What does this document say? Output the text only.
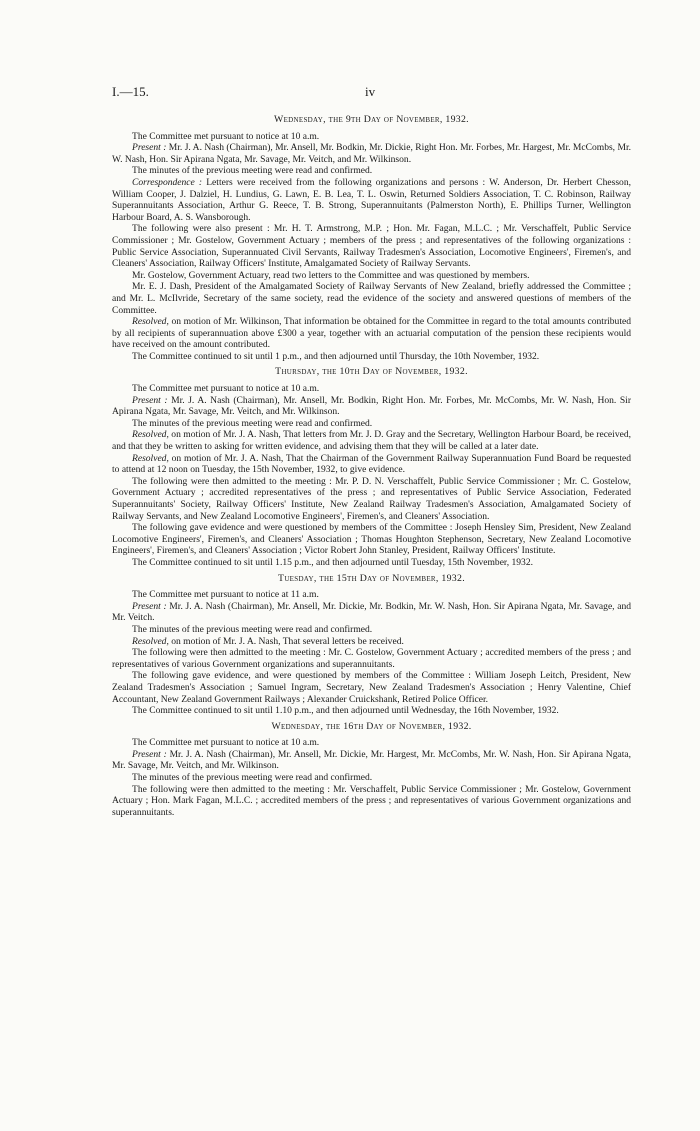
I.—15.	iv
Wednesday, the 9th Day of November, 1932.

The Committee met pursuant to notice at 10 a.m.

Present : Mr. J. A. Nash (Chairman), Mr. Ansell, Mr. Bodkin, Mr. Dickie, Right Hon. Mr. Forbes, Mr. Hargest, Mr. McCombs, Mr. W. Nash, Hon. Sir Apirana Ngata, Mr. Savage, Mr. Veitch, and Mr. Wilkinson.

The minutes of the previous meeting were read and confirmed.

Correspondence : Letters were received from the following organizations and persons : W. Anderson, Dr. Herbert Chesson, William Cooper, J. Dalziel, H. Lundius, G. Lawn, E. B. Lea, T. L. Oswin, Returned Soldiers Association, T. C. Robinson, Railway Superannuitants Association, Arthur G. Reece, T. B. Strong, Superannuitants (Palmerston North), E. Phillips Turner, Wellington Harbour Board, A. S. Wansborough.

The following were also present : Mr. H. T. Armstrong, M.P. ; Hon. Mr. Fagan, M.L.C. ; Mr. Verschaffelt, Public Service Commissioner ; Mr. Gostelow, Government Actuary ; members of the press ; and representatives of the following organizations : Public Service Association, Superannuated Civil Servants, Railway Tradesmen's Association, Locomotive Engineers', Firemen's, and Cleaners' Association, Railway Officers' Institute, Amalgamated Society of Railway Servants.

Mr. Gostelow, Government Actuary, read two letters to the Committee and was questioned by members.

Mr. E. J. Dash, President of the Amalgamated Society of Railway Servants of New Zealand, briefly addressed the Committee ; and Mr. L. McIlvride, Secretary of the same society, read the evidence of the society and answered questions of members of the Committee.

Resolved, on motion of Mr. Wilkinson, That information be obtained for the Committee in regard to the total amounts contributed by all recipients of superannuation above £300 a year, together with an actuarial computation of the pension these recipients would have received on the amount contributed.

The Committee continued to sit until 1 p.m., and then adjourned until Thursday, the 10th November, 1932.

Thursday, the 10th Day of November, 1932.

The Committee met pursuant to notice at 10 a.m.

Present : Mr. J. A. Nash (Chairman), Mr. Ansell, Mr. Bodkin, Right Hon. Mr. Forbes, Mr. McCombs, Mr. W. Nash, Hon. Sir Apirana Ngata, Mr. Savage, Mr. Veitch, and Mr. Wilkinson.

The minutes of the previous meeting were read and confirmed.

Resolved, on motion of Mr. J. A. Nash, That letters from Mr. J. D. Gray and the Secretary, Wellington Harbour Board, be received, and that they be written to asking for written evidence, and advising them that they will be called at a later date.

Resolved, on motion of Mr. J. A. Nash, That the Chairman of the Government Railway Superannuation Fund Board be requested to attend at 12 noon on Tuesday, the 15th November, 1932, to give evidence.

The following were then admitted to the meeting : Mr. P. D. N. Verschaffelt, Public Service Commissioner ; Mr. C. Gostelow, Government Actuary ; accredited representatives of the press ; and representatives of Public Service Association, Federated Superannuitants' Society, Railway Officers' Institute, New Zealand Railway Tradesmen's Association, Amalgamated Society of Railway Servants, and New Zealand Locomotive Engineers', Firemen's, and Cleaners' Association.

The following gave evidence and were questioned by members of the Committee : Joseph Hensley Sim, President, New Zealand Locomotive Engineers', Firemen's, and Cleaners' Association ; Thomas Houghton Stephenson, Secretary, New Zealand Locomotive Engineers', Firemen's, and Cleaners' Association ; Victor Robert John Stanley, President, Railway Officers' Institute.

The Committee continued to sit until 1.15 p.m., and then adjourned until Tuesday, 15th November, 1932.

Tuesday, the 15th Day of November, 1932.

The Committee met pursuant to notice at 11 a.m.

Present : Mr. J. A. Nash (Chairman), Mr. Ansell, Mr. Dickie, Mr. Bodkin, Mr. W. Nash, Hon. Sir Apirana Ngata, Mr. Savage, and Mr. Veitch.

The minutes of the previous meeting were read and confirmed.

Resolved, on motion of Mr. J. A. Nash, That several letters be received.

The following were then admitted to the meeting : Mr. C. Gostelow, Government Actuary ; accredited members of the press ; and representatives of various Government organizations and superannuitants.

The following gave evidence, and were questioned by members of the Committee : William Joseph Leitch, President, New Zealand Tradesmen's Association ; Samuel Ingram, Secretary, New Zealand Tradesmen's Association ; Henry Valentine, Chief Accountant, New Zealand Government Railways ; Alexander Cruickshank, Retired Police Officer.

The Committee continued to sit until 1.10 p.m., and then adjourned until Wednesday, the 16th November, 1932.

Wednesday, the 16th Day of November, 1932.

The Committee met pursuant to notice at 10 a.m.

Present : Mr. J. A. Nash (Chairman), Mr. Ansell, Mr. Dickie, Mr. Hargest, Mr. McCombs, Mr. W. Nash, Hon. Sir Apirana Ngata, Mr. Savage, Mr. Veitch, and Mr. Wilkinson.

The minutes of the previous meeting were read and confirmed.

The following were then admitted to the meeting : Mr. Verschaffelt, Public Service Commissioner ; Mr. Gostelow, Government Actuary ; Hon. Mark Fagan, M.L.C. ; accredited members of the press ; and representatives of various Government organizations and superannuitants.
